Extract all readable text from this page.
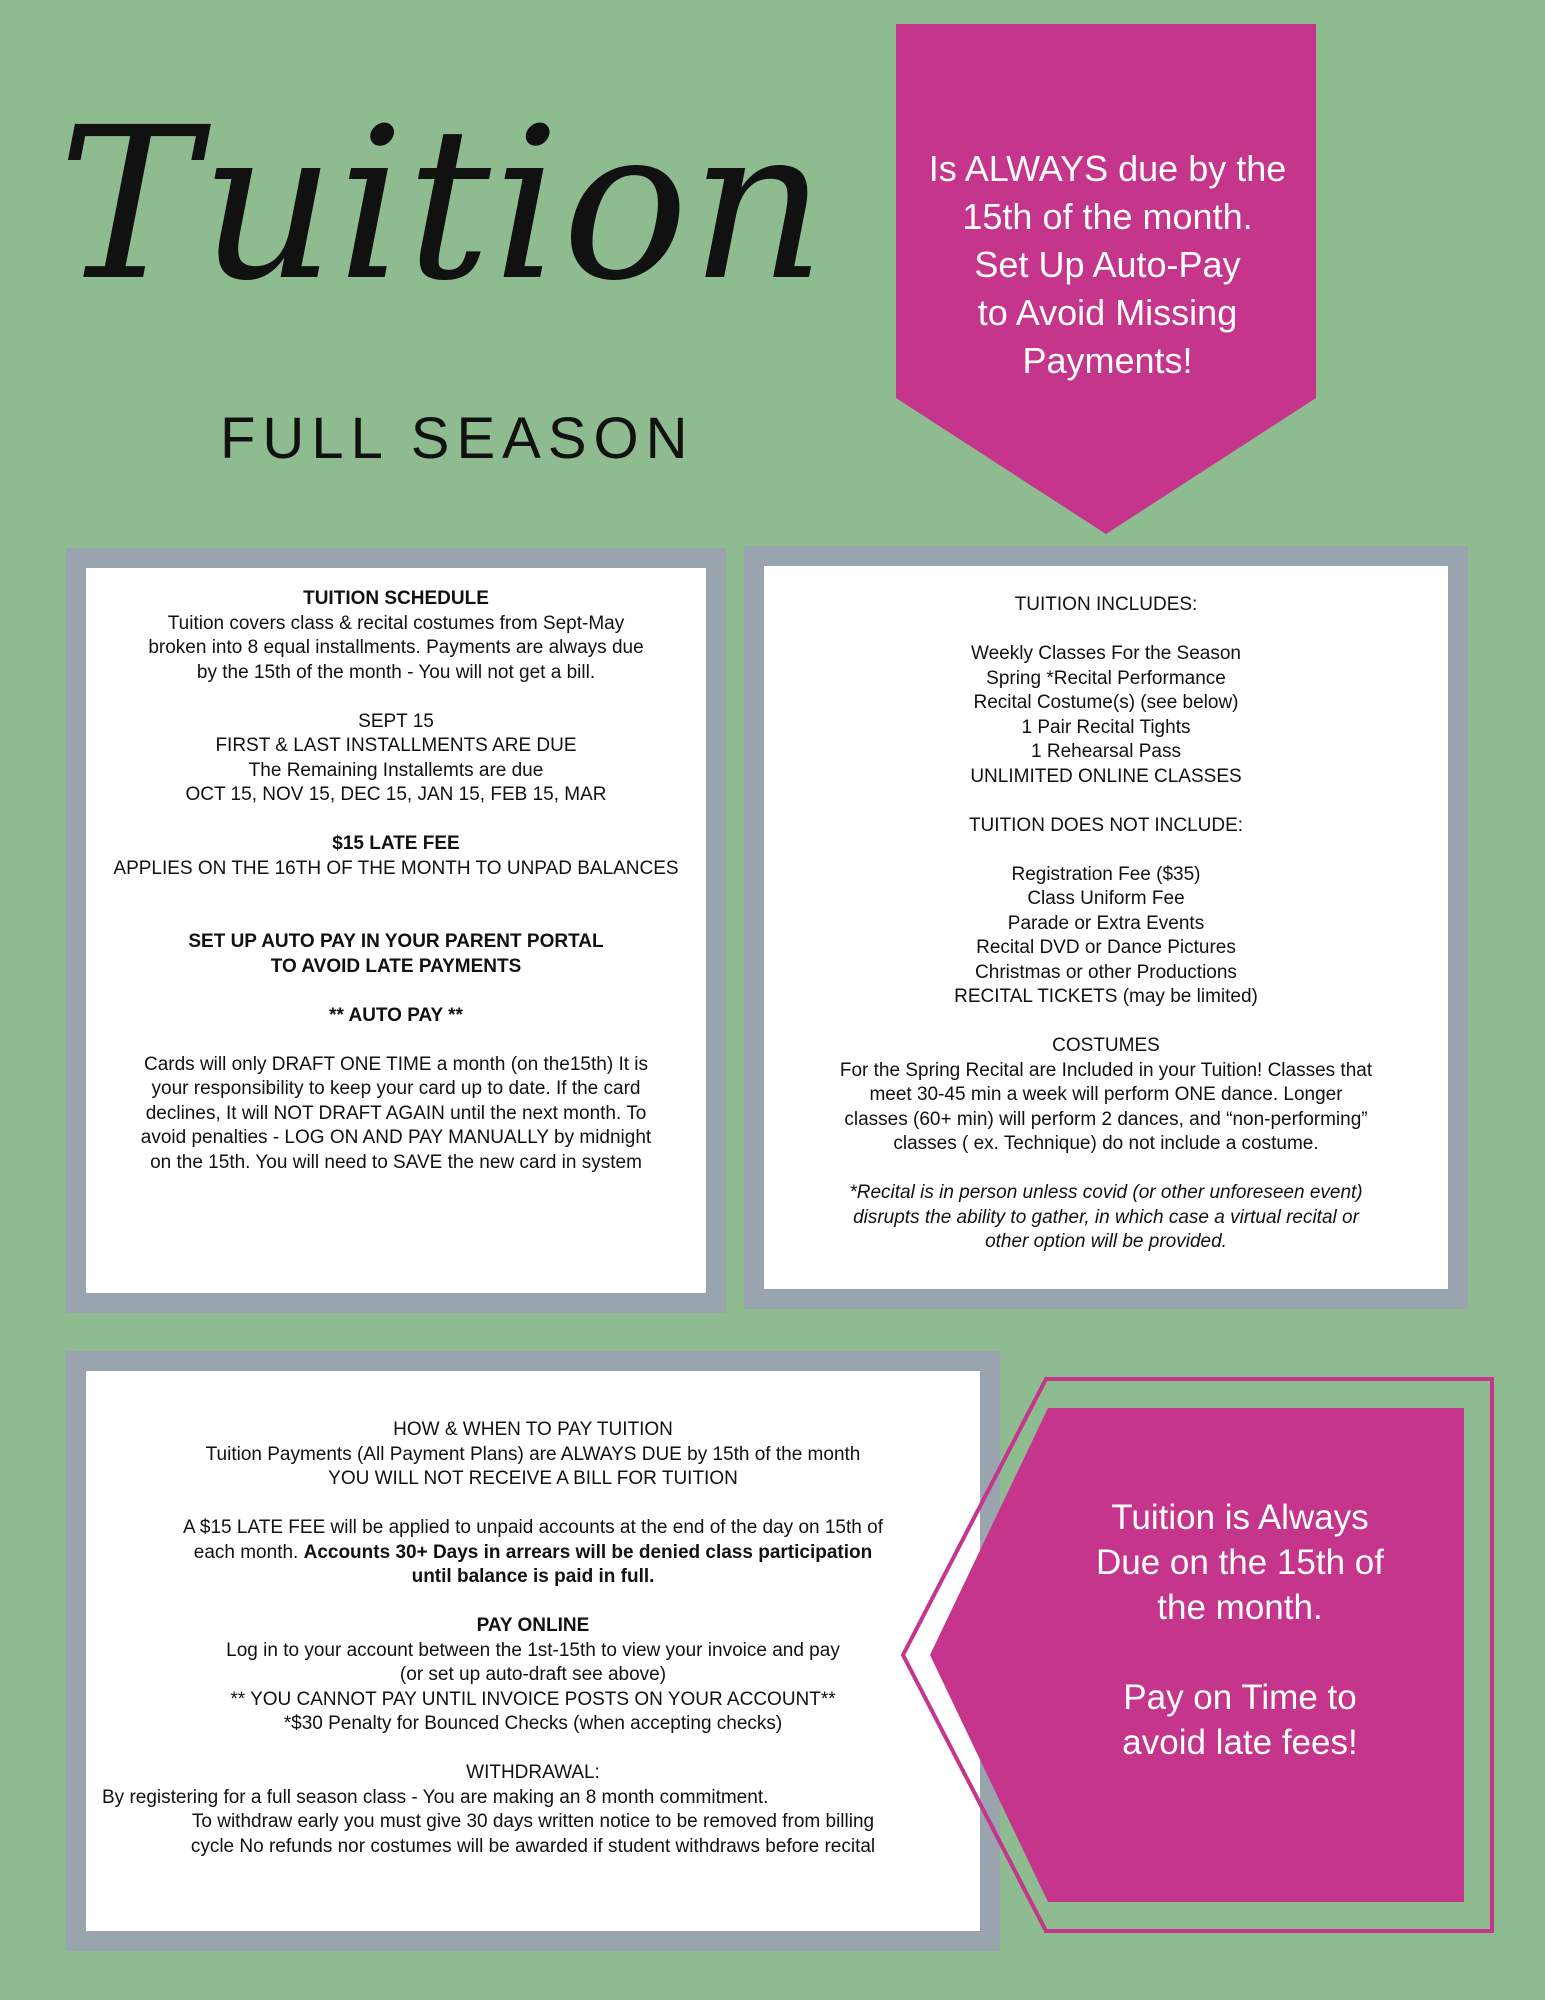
Tuition
FULL SEASON
Is ALWAYS due by the
15th of the month.
Set Up Auto-Pay
to Avoid Missing
Payments!
TUITION SCHEDULE
Tuition covers class & recital costumes from Sept-May
broken into 8 equal installments. Payments are always due
by the 15th of the month - You will not get a bill.
SEPT 15
FIRST & LAST INSTALLMENTS ARE DUE
The Remaining Installemts are due
OCT 15, NOV 15, DEC 15, JAN 15, FEB 15, MAR
$15 LATE FEE
APPLIES ON THE 16TH OF THE MONTH TO UNPAD BALANCES
SET UP AUTO PAY IN YOUR PARENT PORTAL
TO AVOID LATE PAYMENTS
** AUTO PAY **
Cards will only DRAFT ONE TIME a month (on the15th) It is
your responsibility to keep your card up to date. If the card
declines, It will NOT DRAFT AGAIN until the next month. To
avoid penalties - LOG ON AND PAY MANUALLY by midnight
on the 15th. You will need to SAVE the new card in system
TUITION INCLUDES:
Weekly Classes For the Season
Spring *Recital Performance
Recital Costume(s) (see below)
1 Pair Recital Tights
1 Rehearsal Pass
UNLIMITED ONLINE CLASSES
TUITION DOES NOT INCLUDE:
Registration Fee ($35)
Class Uniform Fee
Parade or Extra Events
Recital DVD or Dance Pictures
Christmas or other Productions
RECITAL TICKETS (may be limited)
COSTUMES
For the Spring Recital are Included in your Tuition! Classes that
meet 30-45 min a week will perform ONE dance. Longer
classes (60+ min) will perform 2 dances, and “non-performing”
classes ( ex. Technique) do not include a costume.
*Recital is in person unless covid (or other unforeseen event)
disrupts the ability to gather, in which case a virtual recital or
other option will be provided.
HOW & WHEN TO PAY TUITION
Tuition Payments (All Payment Plans) are ALWAYS DUE by 15th of the month
YOU WILL NOT RECEIVE A BILL FOR TUITION
A $15 LATE FEE will be applied to unpaid accounts at the end of the day on 15th of
each month. Accounts 30+ Days in arrears will be denied class participation
until balance is paid in full.
PAY ONLINE
Log in to your account between the 1st-15th to view your invoice and pay
(or set up auto-draft see above)
** YOU CANNOT PAY UNTIL INVOICE POSTS ON YOUR ACCOUNT**
*$30 Penalty for Bounced Checks (when accepting checks)
WITHDRAWAL:
By registering for a full season class - You are making an 8 month commitment.
To withdraw early you must give 30 days written notice to be removed from billing
cycle No refunds nor costumes will be awarded if student withdraws before recital
Tuition is Always
Due on the 15th of
the month.
Pay on Time to
avoid late fees!
